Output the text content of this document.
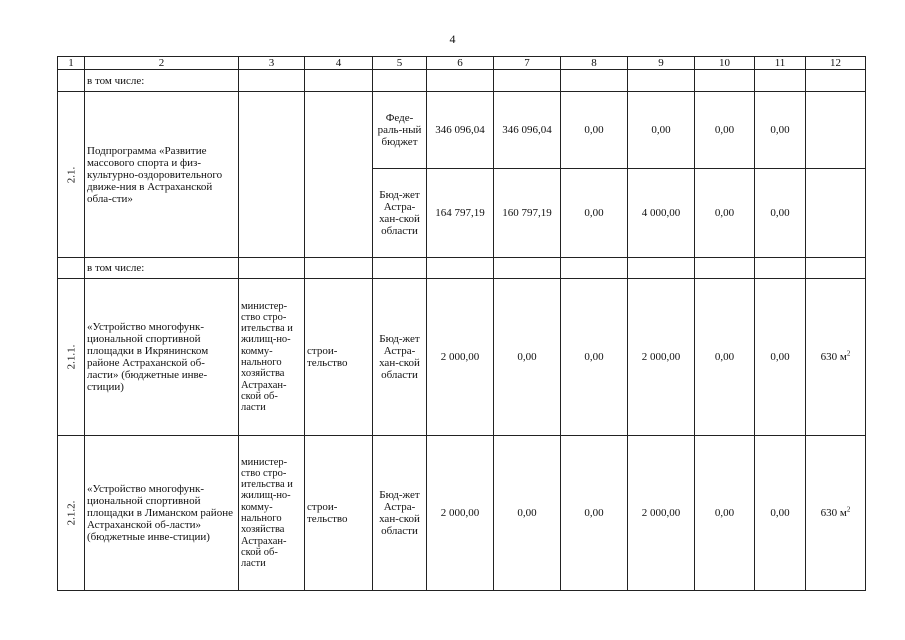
4
1	2	3	4	5	6	7	8	9	10	11	12
	в том числе:										

2.1.	Подпрограмма «Развитие массового спорта и физ-культурно-оздоровительного движе-ния в Астраханской обла-сти»			Феде-раль-ный бюджет	346 096,04	346 096,04	0,00	0,00	0,00	0,00	
				Бюд-жет Астра-хан-ской области	164 797,19	160 797,19	0,00	4 000,00	0,00	0,00	
	в том числе:										

2.1.1.	«Устройство многофунк-циональной спортивной площадки в Икрянинском районе Астраханской об-ласти» (бюджетные инве-стиции)	министер-ство стро-ительства и жилищ-но-комму-нального хозяйства Астрахан-ской об-ласти	строи-тельство	Бюд-жет Астра-хан-ской области	2 000,00	0,00	0,00	2 000,00	0,00	0,00	630 $м^2$

2.1.2.	«Устройство многофунк-циональной спортивной площадки в Лиманском районе Астраханской об-ласти» (бюджетные инве-стиции)	министер-ство стро-ительства и жилищ-но-комму-нального хозяйства Астрахан-ской об-ласти	строи-тельство	Бюд-жет Астра-хан-ской области	2 000,00	0,00	0,00	2 000,00	0,00	0,00	630 $м^2$
